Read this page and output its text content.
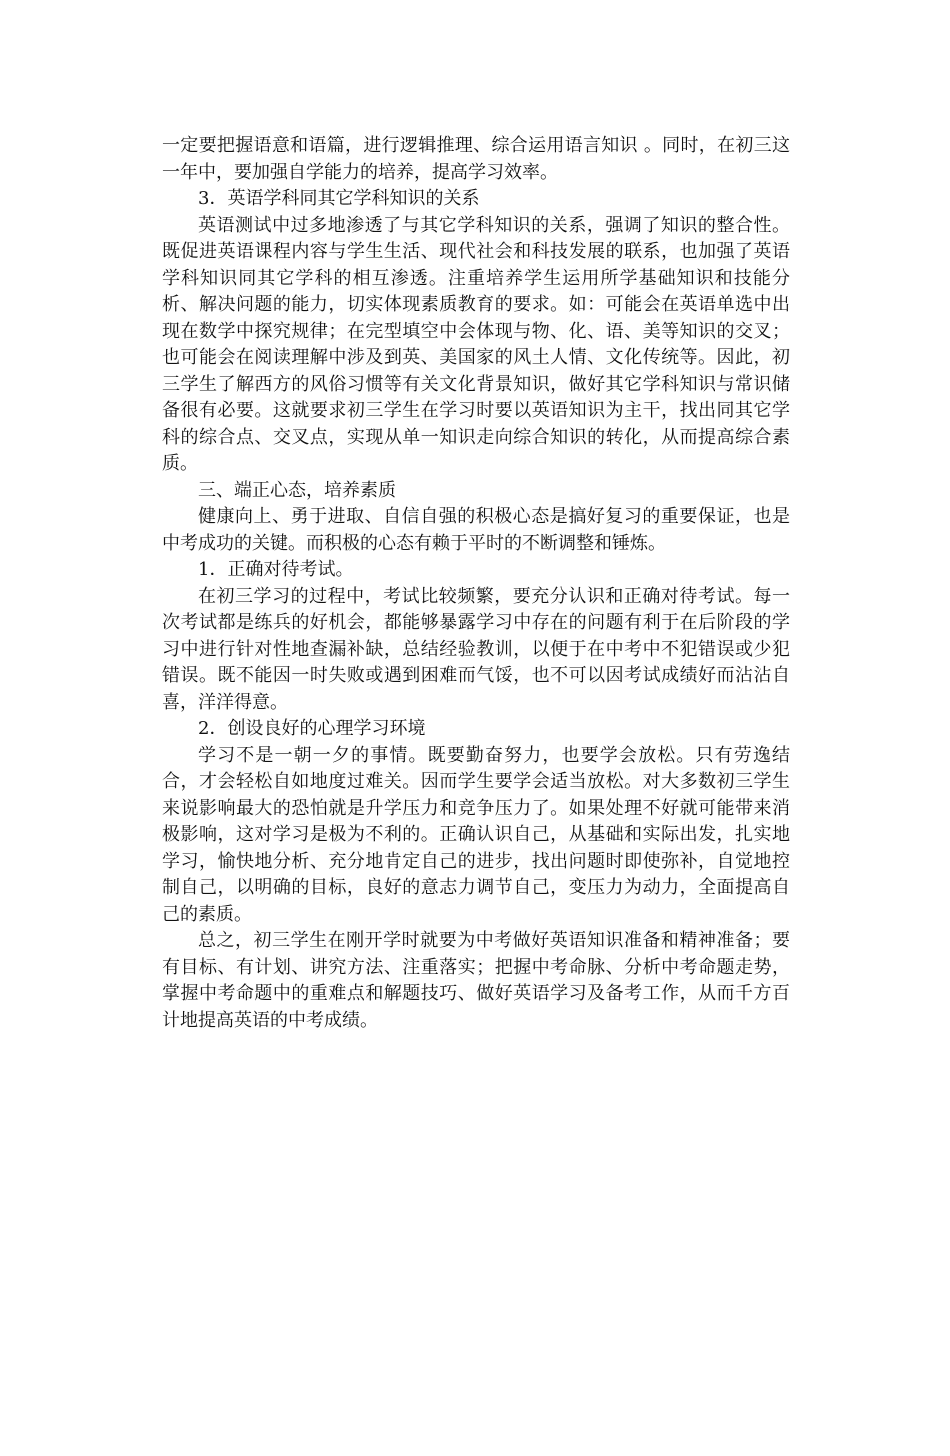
一定要把握语意和语篇，进行逻辑推理、综合运用语言知识 。同时，在初三这一年中，要加强自学能力的培养，提高学习效率。

3．英语学科同其它学科知识的关系

英语测试中过多地渗透了与其它学科知识的关系，强调了知识的整合性。既促进英语课程内容与学生生活、现代社会和科技发展的联系，也加强了英语学科知识同其它学科的相互渗透。注重培养学生运用所学基础知识和技能分析、解决问题的能力，切实体现素质教育的要求。如：可能会在英语单选中出现在数学中探究规律；在完型填空中会体现与物、化、语、美等知识的交叉；也可能会在阅读理解中涉及到英、美国家的风土人情、文化传统等。因此，初三学生了解西方的风俗习惯等有关文化背景知识，做好其它学科知识与常识储备很有必要。这就要求初三学生在学习时要以英语知识为主干，找出同其它学科的综合点、交叉点，实现从单一知识走向综合知识的转化，从而提高综合素质。

三、端正心态，培养素质

健康向上、勇于进取、自信自强的积极心态是搞好复习的重要保证，也是中考成功的关键。而积极的心态有赖于平时的不断调整和锤炼。

1．正确对待考试。

在初三学习的过程中，考试比较频繁，要充分认识和正确对待考试。每一次考试都是练兵的好机会，都能够暴露学习中存在的问题有利于在后阶段的学习中进行针对性地查漏补缺，总结经验教训，以便于在中考中不犯错误或少犯错误。既不能因一时失败或遇到困难而气馁，也不可以因考试成绩好而沾沾自喜，洋洋得意。

2．创设良好的心理学习环境

学习不是一朝一夕的事情。既要勤奋努力，也要学会放松。只有劳逸结合，才会轻松自如地度过难关。因而学生要学会适当放松。对大多数初三学生来说影响最大的恐怕就是升学压力和竞争压力了。如果处理不好就可能带来消极影响，这对学习是极为不利的。正确认识自己，从基础和实际出发，扎实地学习，愉快地分析、充分地肯定自己的进步，找出问题时即使弥补，自觉地控制自己，以明确的目标，良好的意志力调节自己，变压力为动力，全面提高自己的素质。

总之，初三学生在刚开学时就要为中考做好英语知识准备和精神准备；要有目标、有计划、讲究方法、注重落实；把握中考命脉、分析中考命题走势，掌握中考命题中的重难点和解题技巧、做好英语学习及备考工作，从而千方百计地提高英语的中考成绩。
